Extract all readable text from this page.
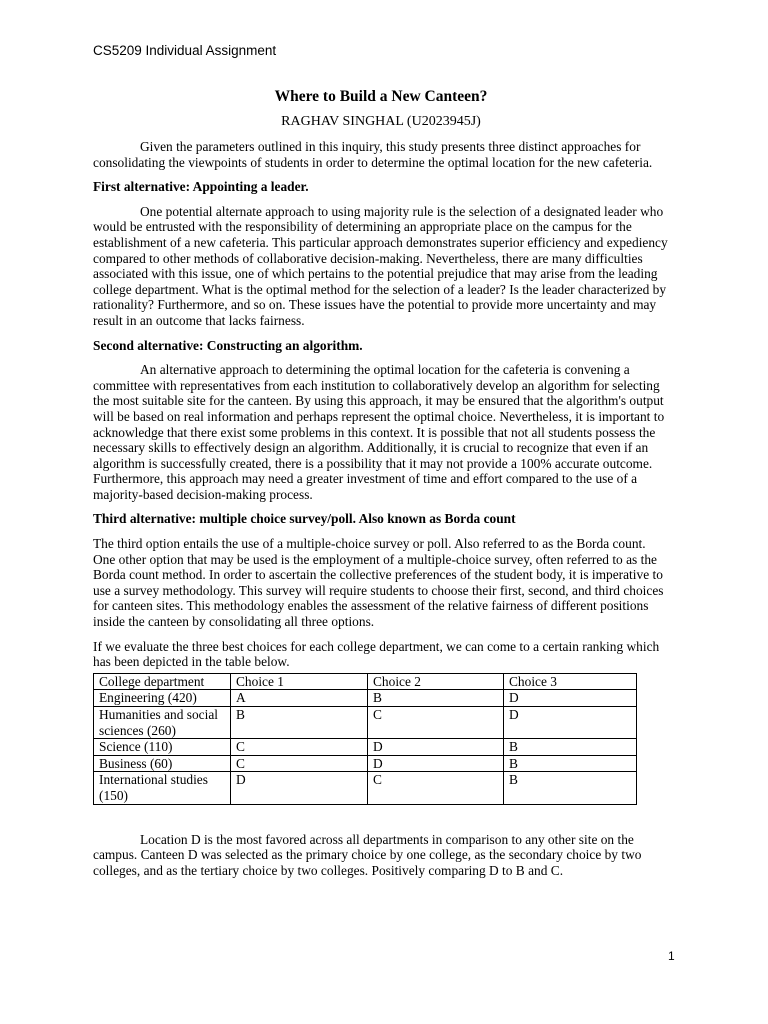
CS5209 Individual Assignment

Where to Build a New Canteen?

RAGHAV SINGHAL (U2023945J)

Given the parameters outlined in this inquiry, this study presents three distinct approaches for consolidating the viewpoints of students in order to determine the optimal location for the new cafeteria.

First alternative: Appointing a leader.

One potential alternate approach to using majority rule is the selection of a designated leader who would be entrusted with the responsibility of determining an appropriate place on the campus for the establishment of a new cafeteria. This particular approach demonstrates superior efficiency and expediency compared to other methods of collaborative decision-making. Nevertheless, there are many difficulties associated with this issue, one of which pertains to the potential prejudice that may arise from the leading college department. What is the optimal method for the selection of a leader? Is the leader characterized by rationality? Furthermore, and so on. These issues have the potential to provide more uncertainty and may result in an outcome that lacks fairness.

Second alternative: Constructing an algorithm.

An alternative approach to determining the optimal location for the cafeteria is convening a committee with representatives from each institution to collaboratively develop an algorithm for selecting the most suitable site for the canteen. By using this approach, it may be ensured that the algorithm's output will be based on real information and perhaps represent the optimal choice. Nevertheless, it is important to acknowledge that there exist some problems in this context. It is possible that not all students possess the necessary skills to effectively design an algorithm. Additionally, it is crucial to recognize that even if an algorithm is successfully created, there is a possibility that it may not provide a 100% accurate outcome. Furthermore, this approach may need a greater investment of time and effort compared to the use of a majority-based decision-making process.

Third alternative: multiple choice survey/poll. Also known as Borda count

The third option entails the use of a multiple-choice survey or poll. Also referred to as the Borda count. One other option that may be used is the employment of a multiple-choice survey, often referred to as the Borda count method. In order to ascertain the collective preferences of the student body, it is imperative to use a survey methodology. This survey will require students to choose their first, second, and third choices for canteen sites. This methodology enables the assessment of the relative fairness of different positions inside the canteen by consolidating all three options.

If we evaluate the three best choices for each college department, we can come to a certain ranking which has been depicted in the table below.

College department	Choice 1	Choice 2	Choice 3
Engineering (420)	A	B	D
Humanities and social sciences (260)	B	C	D
Science (110)	C	D	B
Business (60)	C	D	B
International studies (150)	D	C	B

Location D is the most favored across all departments in comparison to any other site on the campus. Canteen D was selected as the primary choice by one college, as the secondary choice by two colleges, and as the tertiary choice by two colleges. Positively comparing D to B and C.

1
